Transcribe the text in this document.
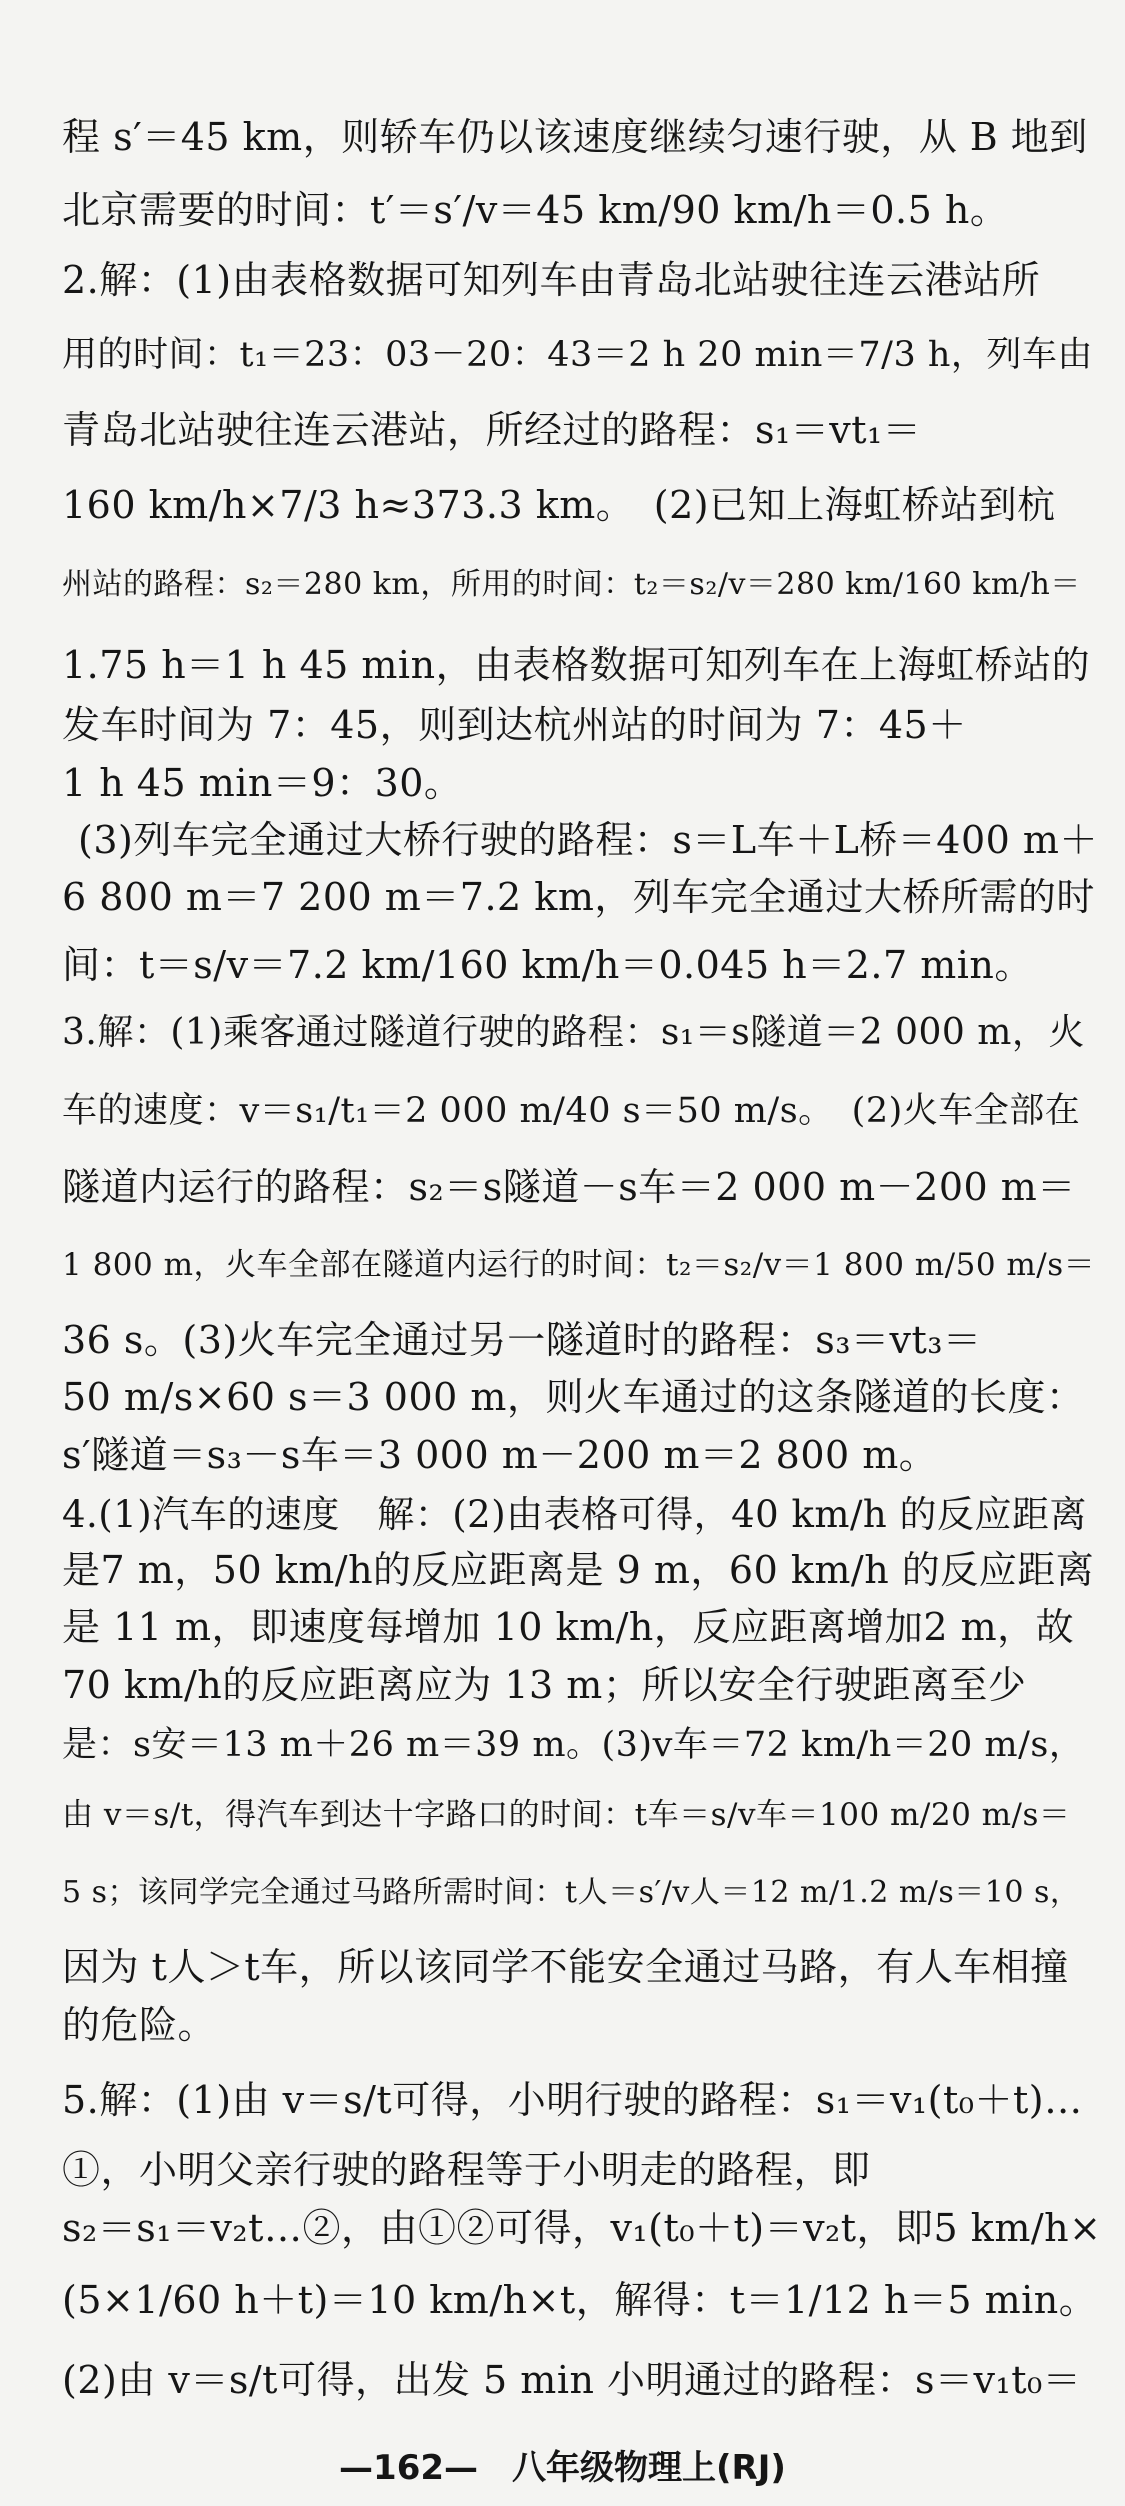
程 s′＝45 km，则轿车仍以该速度继续匀速行驶，从 B 地到
北京需要的时间：t′＝s′/v＝45 km/90 km/h＝0.5 h。
2.解：(1)由表格数据可知列车由青岛北站驶往连云港站所
用的时间：t₁＝23：03－20：43＝2 h 20 min＝7/3 h，列车由
青岛北站驶往连云港站，所经过的路程：s₁＝vt₁＝
160 km/h×7/3 h≈373.3 km。　(2)已知上海虹桥站到杭
州站的路程：s₂＝280 km，所用的时间：t₂＝s₂/v＝280 km/160 km/h＝
1.75 h＝1 h 45 min，由表格数据可知列车在上海虹桥站的
发车时间为 7：45，则到达杭州站的时间为 7：45＋
1 h 45 min＝9：30。
(3)列车完全通过大桥行驶的路程：s＝L车＋L桥＝400 m＋
6 800 m＝7 200 m＝7.2 km，列车完全通过大桥所需的时
间：t＝s/v＝7.2 km/160 km/h＝0.045 h＝2.7 min。
3.解：(1)乘客通过隧道行驶的路程：s₁＝s隧道＝2 000 m，火
车的速度：v＝s₁/t₁＝2 000 m/40 s＝50 m/s。　(2)火车全部在
隧道内运行的路程：s₂＝s隧道－s车＝2 000 m－200 m＝
1 800 m，火车全部在隧道内运行的时间：t₂＝s₂/v＝1 800 m/50 m/s＝
36 s。(3)火车完全通过另一隧道时的路程：s₃＝vt₃＝
50 m/s×60 s＝3 000 m，则火车通过的这条隧道的长度：
s′隧道＝s₃－s车＝3 000 m－200 m＝2 800 m。
4.(1)汽车的速度　解：(2)由表格可得，40 km/h 的反应距离
是7 m，50 km/h的反应距离是 9 m，60 km/h 的反应距离
是 11 m，即速度每增加 10 km/h，反应距离增加2 m，故
70 km/h的反应距离应为 13 m；所以安全行驶距离至少
是：s安＝13 m＋26 m＝39 m。(3)v车＝72 km/h＝20 m/s，
由 v＝s/t，得汽车到达十字路口的时间：t车＝s/v车＝100 m/20 m/s＝
5 s；该同学完全通过马路所需时间：t人＝s′/v人＝12 m/1.2 m/s＝10 s，
因为 t人＞t车，所以该同学不能安全通过马路，有人车相撞
的危险。
5.解：(1)由 v＝s/t可得，小明行驶的路程：s₁＝v₁(t₀＋t)…
①，小明父亲行驶的路程等于小明走的路程，即
s₂＝s₁＝v₂t…②，由①②可得，v₁(t₀＋t)＝v₂t，即5 km/h×
(5×1/60 h＋t)＝10 km/h×t，解得：t＝1/12 h＝5 min。
(2)由 v＝s/t可得，出发 5 min 小明通过的路程：s＝v₁t₀＝
—162—　八年级物理上(RJ)
